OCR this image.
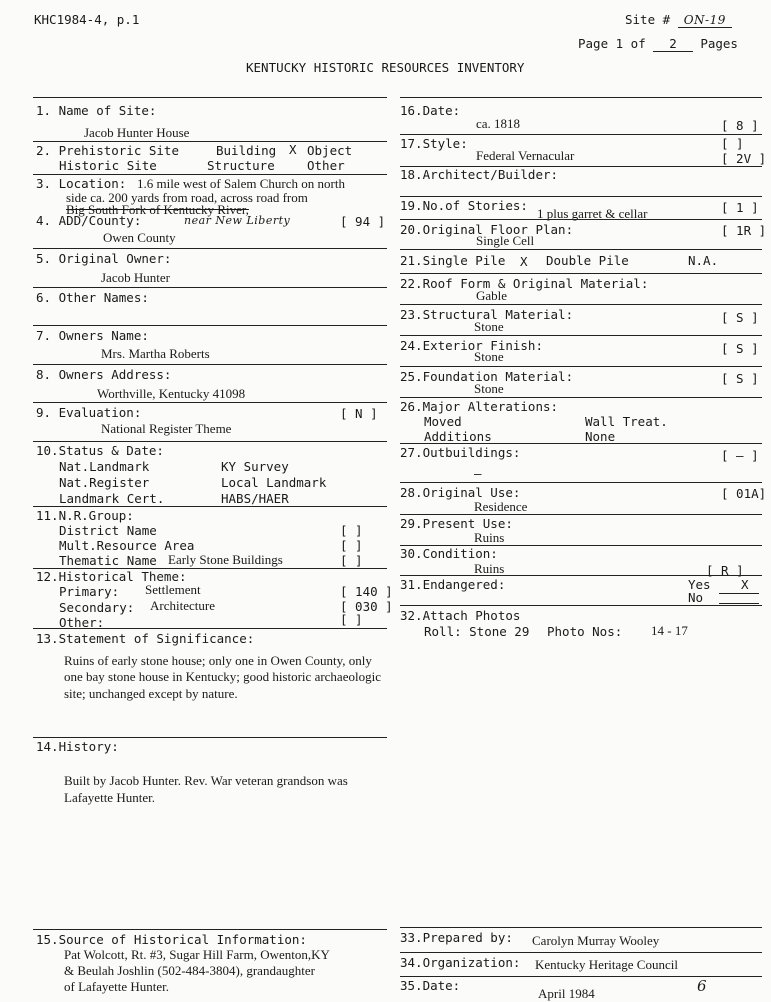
KHC1984-4, p.1	Site # ON-19
Page 1 of 2 Pages
KENTUCKY HISTORIC RESOURCES INVENTORY
1. Name of Site:
Jacob Hunter House
2. Prehistoric Site	Building X Object
Historic Site	Structure	Other
3. Location: 1.6 mile west of Salem Church on north
side ca. 200 yards from road, across road from
Big South Fork of Kentucky River,
4. ADD/County:	near New Liberty	[ 94 ]
Owen County
5. Original Owner:
Jacob Hunter
6. Other Names:
7. Owners Name:
Mrs. Martha Roberts
8. Owners Address:
Worthville, Kentucky 41098
9. Evaluation:	[ N ]
National Register Theme
10.Status & Date:
Nat.Landmark	KY Survey
Nat.Register	Local Landmark
Landmark Cert.	HABS/HAER
11.N.R.Group:
District Name	[ ]
Mult.Resource Area	[ ]
Thematic Name Early Stone Buildings	[ ]
12.Historical Theme:
Primary: Settlement	[ 140 ]
Secondary: Architecture	[ 030 ]
Other:	[ ]
13.Statement of Significance:
Ruins of early stone house; only one in Owen County, only one bay stone house in Kentucky; good historic archaeologic site; unchanged except by nature.
14.History:
Built by Jacob Hunter. Rev. War veteran grandson was Lafayette Hunter.
15.Source of Historical Information:
Pat Wolcott, Rt. #3, Sugar Hill Farm, Owenton,KY
& Beulah Joshlin (502-484-3804), grandaughter
of Lafayette Hunter.
16.Date:
ca. 1818	[ 8 ]
17.Style:
Federal Vernacular
[ ]
[ 2V ]
18.Architect/Builder:
19.No.of Stories:
1 plus garret & cellar	[ 1 ]
20.Original Floor Plan:
Single Cell
[ 1R ]
21.Single Pile X Double Pile	N.A.
22.Roof Form & Original Material:
Gable
23.Structural Material:
Stone
[ S ]
24.Exterior Finish:
Stone
[ S ]
25.Foundation Material:
Stone
[ S ]
26.Major Alterations:
Moved	Wall Treat.
Additions	None
27.Outbuildings:
—
[ — ]
28.Original Use:
Residence
[ 01A]
29.Present Use:
Ruins
30.Condition:
Ruins	[ R ]
31.Endangered:	Yes X
No
32.Attach Photos
Roll: Stone 29 Photo Nos: 14 - 17
33.Prepared by: Carolyn Murray Wooley
34.Organization: Kentucky Heritage Council
35.Date:
April 1984	6
